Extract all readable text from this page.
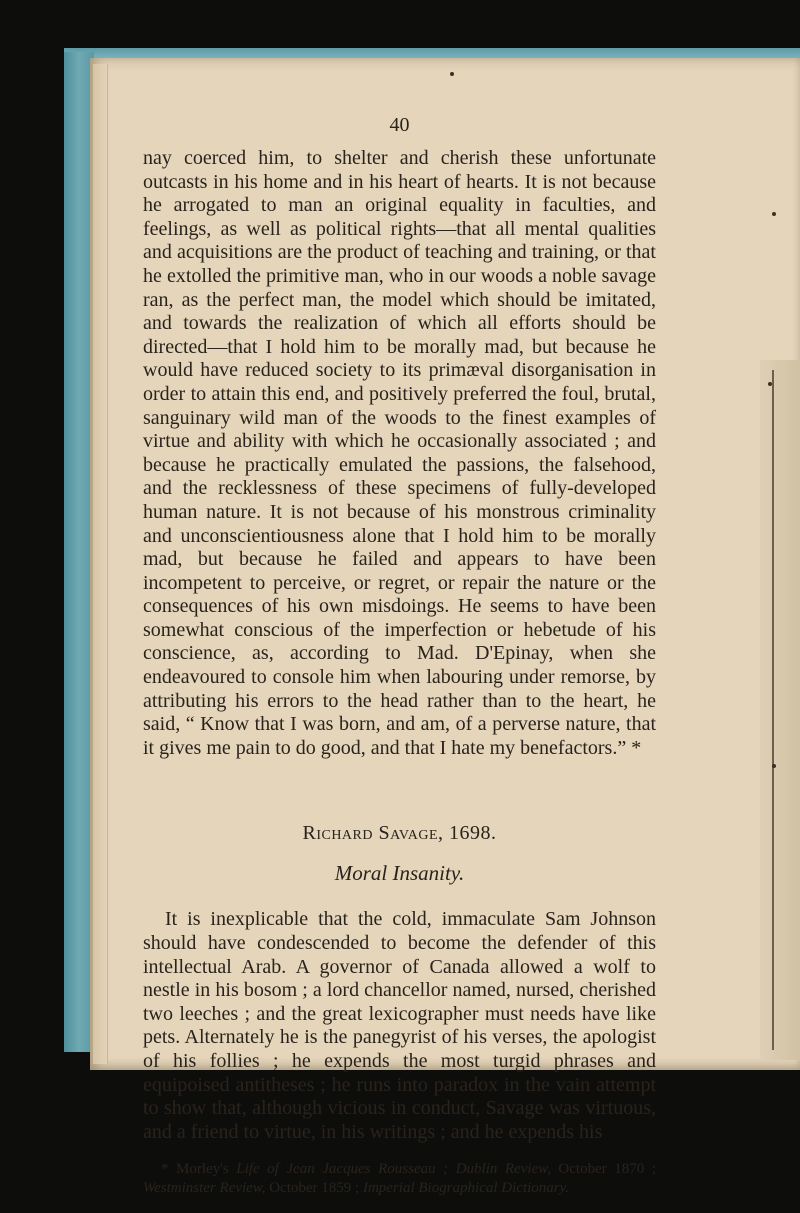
40

nay coerced him, to shelter and cherish these unfortunate outcasts in his home and in his heart of hearts. It is not because he arrogated to man an original equality in faculties, and feelings, as well as political rights—that all mental qualities and acquisitions are the product of teaching and training, or that he extolled the primitive man, who in our woods a noble savage ran, as the perfect man, the model which should be imitated, and towards the realization of which all efforts should be directed—that I hold him to be morally mad, but because he would have reduced society to its primæval disorganisation in order to attain this end, and positively preferred the foul, brutal, sanguinary wild man of the woods to the finest examples of virtue and ability with which he occasionally associated ; and because he practically emulated the passions, the falsehood, and the recklessness of these specimens of fully-developed human nature. It is not because of his monstrous criminality and unconscientiousness alone that I hold him to be morally mad, but because he failed and appears to have been incompetent to perceive, or regret, or repair the nature or the consequences of his own misdoings. He seems to have been somewhat conscious of the imperfection or hebetude of his conscience, as, according to Mad. D'Epinay, when she endeavoured to console him when labouring under remorse, by attributing his errors to the head rather than to the heart, he said, “ Know that I was born, and am, of a perverse nature, that it gives me pain to do good, and that I hate my benefactors.” *

Richard Savage, 1698.
Moral Insanity.

It is inexplicable that the cold, immaculate Sam Johnson should have condescended to become the defender of this intellectual Arab. A governor of Canada allowed a wolf to nestle in his bosom ; a lord chancellor named, nursed, cherished two leeches ; and the great lexicographer must needs have like pets. Alternately he is the panegyrist of his verses, the apologist of his follies ; he expends the most turgid phrases and equipoised antitheses ; he runs into paradox in the vain attempt to show that, although vicious in conduct, Savage was virtuous, and a friend to virtue, in his writings ; and he expends his

* Morley's Life of Jean Jacques Rousseau ; Dublin Review, October 1870 ; Westminster Review, October 1859 ; Imperial Biographical Dictionary.
